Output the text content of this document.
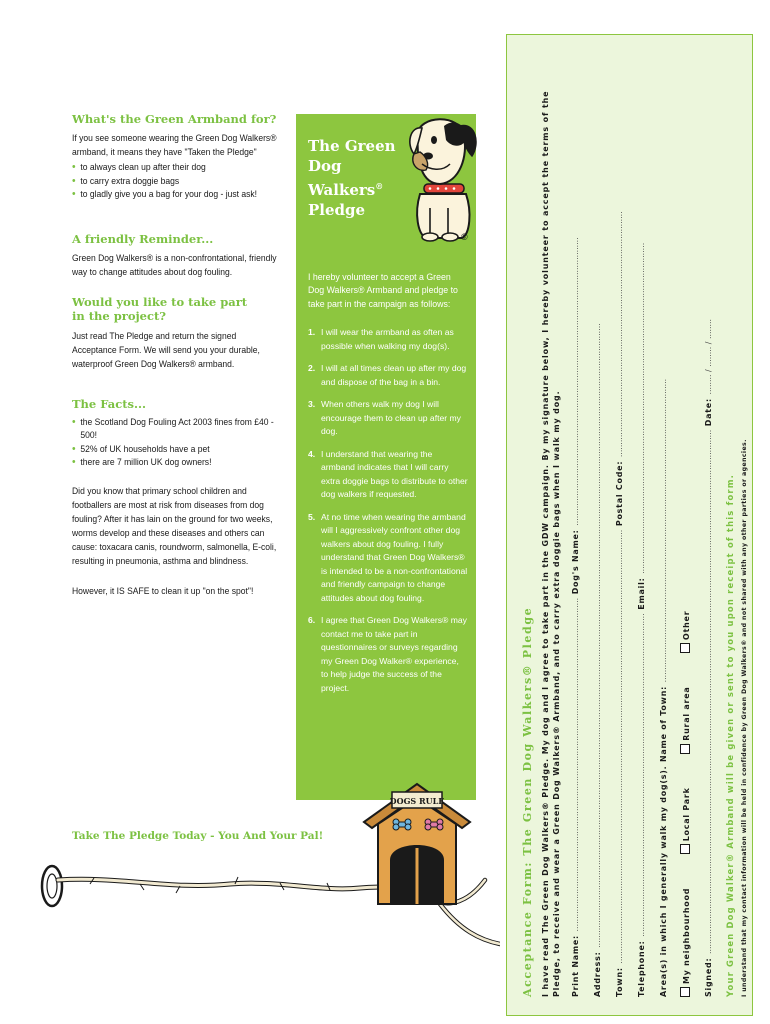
What's the Green Armband for?

If you see someone wearing the Green Dog Walkers® armband, it means they have "Taken the Pledge"

• to always clean up after their dog
• to carry extra doggie bags
• to gladly give you a bag for your dog - just ask!
A friendly Reminder...

Green Dog Walkers® is a non-confrontational, friendly way to change attitudes about dog fouling.

Would you like to take part
in the project?

Just read The Pledge and return the signed Acceptance Form. We will send you your durable, waterproof Green Dog Walkers® armband.

The Facts...
• the Scotland Dog Fouling Act 2003 fines from £40 - 500!
• 52% of UK households have a pet
• there are 7 million UK dog owners!

Did you know that primary school children and footballers are most at risk from diseases from dog fouling? After it has lain on the ground for two weeks, worms develop and these diseases and others can cause: toxacara canis, roundworm, salmonella, E-coli, resulting in pneumonia, asthma and blindness.

However, it IS SAFE to clean it up "on the spot"!

Take The Pledge Today - You And Your Pal!
The Green Dog
Walkers® Pledge
©

I hereby volunteer to accept a Green Dog Walkers® Armband and pledge to take part in the campaign as follows:

1. I will wear the armband as often as possible when walking my dog(s).
2. I will at all times clean up after my dog and dispose of the bag in a bin.
3. When others walk my dog I will encourage them to clean up after my dog.
4. I understand that wearing the armband indicates that I will carry extra doggie bags to distribute to other dog walkers if requested.
5. At no time when wearing the armband will I aggressively confront other dog walkers about dog fouling. I fully understand that Green Dog Walkers® is intended to be a non-confrontational and friendly campaign to change attitudes about dog fouling.
6. I agree that Green Dog Walkers® may contact me to take part in questionnaires or surveys regarding my Green Dog Walker® experience, to help judge the success of the project.
DOGS RULE	Acceptance Form: The Green Dog Walkers® Pledge I have read The Green Dog Walkers® Pledge. My dog and I agree to take part in the GDW campaign. By my signature below, I hereby volunteer to accept the terms of the Pledge, to receive and wear a Green Dog Walkers® Armband, and to carry extra doggie bags when I walk my dog. Print Name: ..................................................................................................................................... Dog's Name: ...................................................................................................................
Address: .........................................................................................................................................................................................................................................................
Town: ............................................................................................................................................................................. Postal Code: ..................................................................................................
Telephone: ................................................................................................................................. Email: ....................................................................................................................................
Area(s) in which I generally walk my dog(s). Name of Town: .........................................................................................................................
My neighbourhood Local Park Rural area Other
Signed: ................................................................................................................................................................................................................. Date: ........ / ........ / ........
Your Green Dog Walker® Armband will be given or sent to you upon receipt of this form. I understand that my contact information will be held in confidence by Green Dog Walkers® and not shared with any other parties or agencies.
